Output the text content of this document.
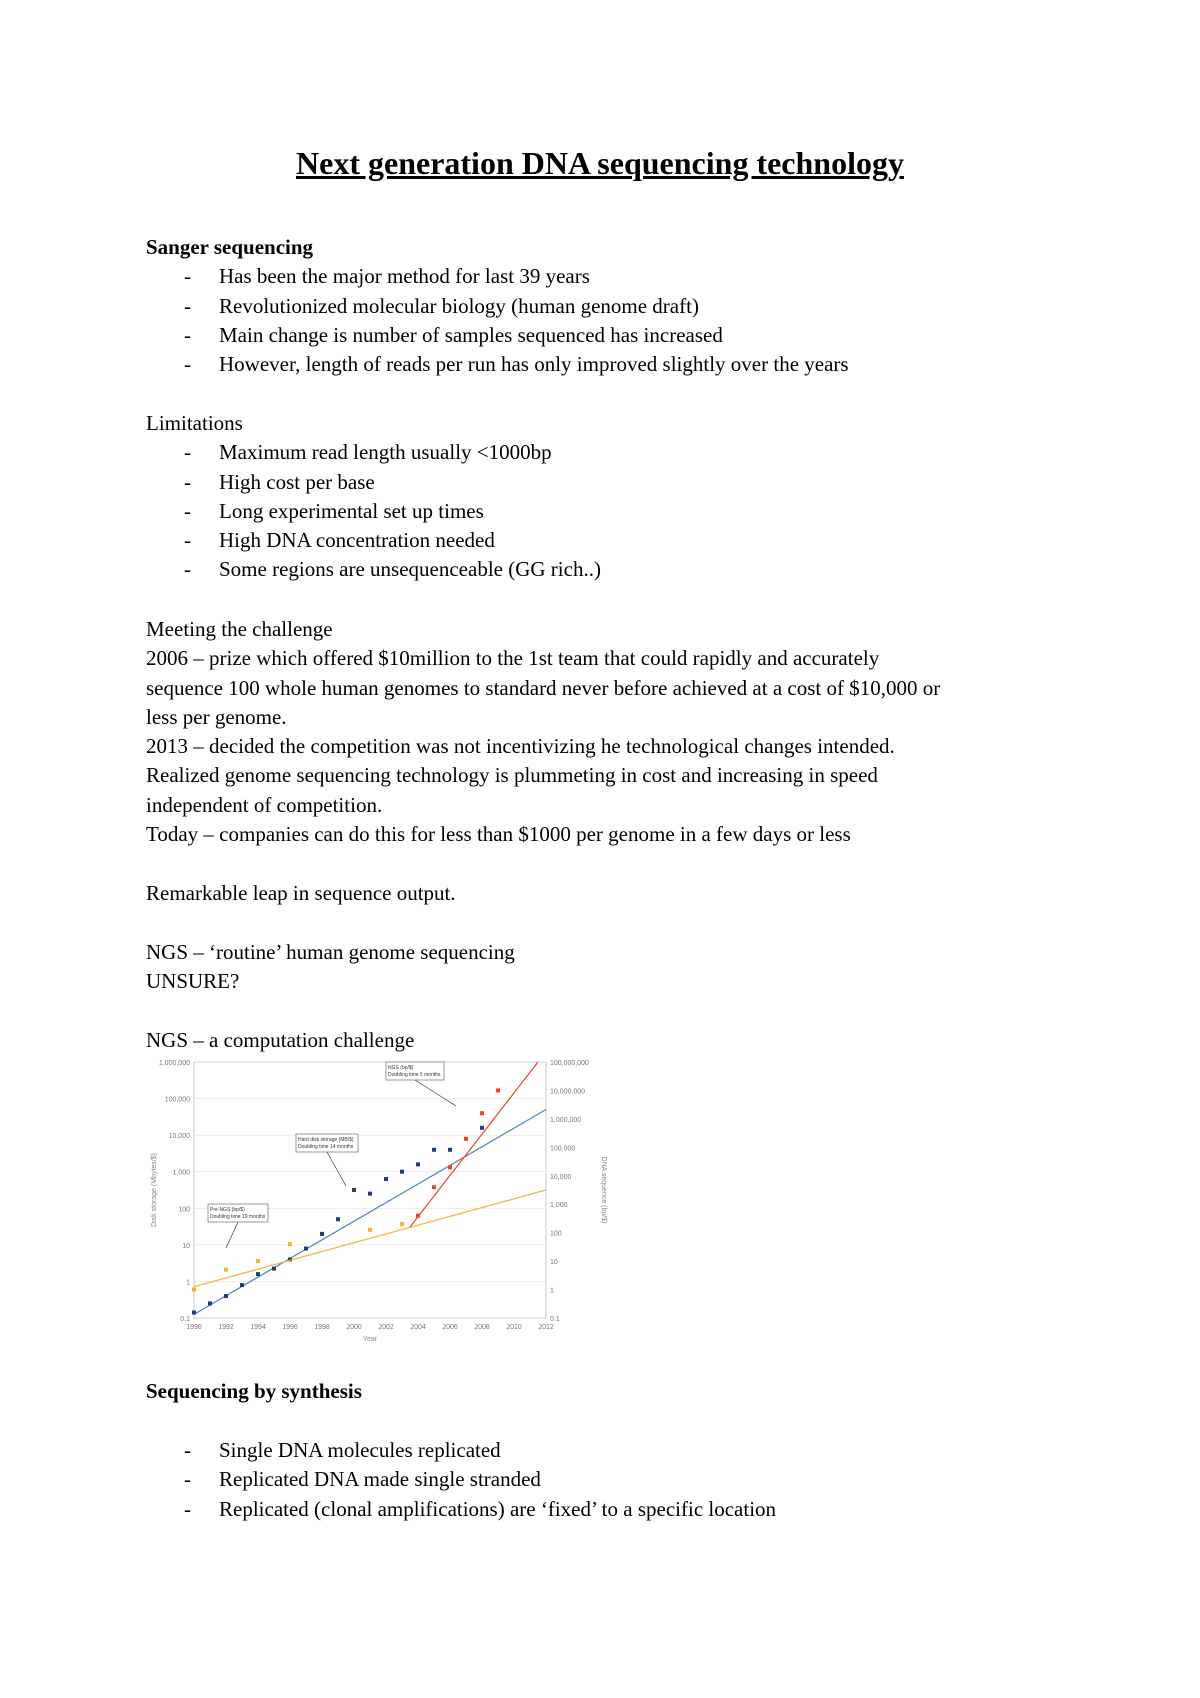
Next generation DNA sequencing technology
Sanger sequencing
- Has been the major method for last 39 years
- Revolutionized molecular biology (human genome draft)
- Main change is number of samples sequenced has increased
- However, length of reads per run has only improved slightly over the years
Limitations
- Maximum read length usually <1000bp
- High cost per base
- Long experimental set up times
- High DNA concentration needed
- Some regions are unsequenceable (GG rich..)

Meeting the challenge

2006 – prize which offered $10million to the 1st team that could rapidly and accurately

sequence 100 whole human genomes to standard never before achieved at a cost of $10,000 or

less per genome.

2013 – decided the competition was not incentivizing he technological changes intended.

Realized genome sequencing technology is plummeting in cost and increasing in speed

independent of competition.

Today – companies can do this for less than $1000 per genome in a few days or less

Remarkable leap in sequence output.

NGS – ‘routine’ human genome sequencing

UNSURE?

NGS – a computation challenge
0.1
1
10
100
1,000
10,000
100,000
1,000,000
0.1
1
10
100
1,000
10,000
100,000
1,000,000
10,000,000
100,000,000
1990 1992 1994 1996 1998 2000 2002 2004 2006 2008 2010 2012
Year
Disk storage (Mbytes/$)	DNA sequence (bp/$)
Pre-NGS (bp/$)
Doubling time 19 months
Hard disk storage (MB/$)
Doubling time 14 months
NGS (bp/$)
Doubling time 5 months
Sequencing by synthesis
- Single DNA molecules replicated
- Replicated DNA made single stranded
- Replicated (clonal amplifications) are ‘fixed’ to a specific location
